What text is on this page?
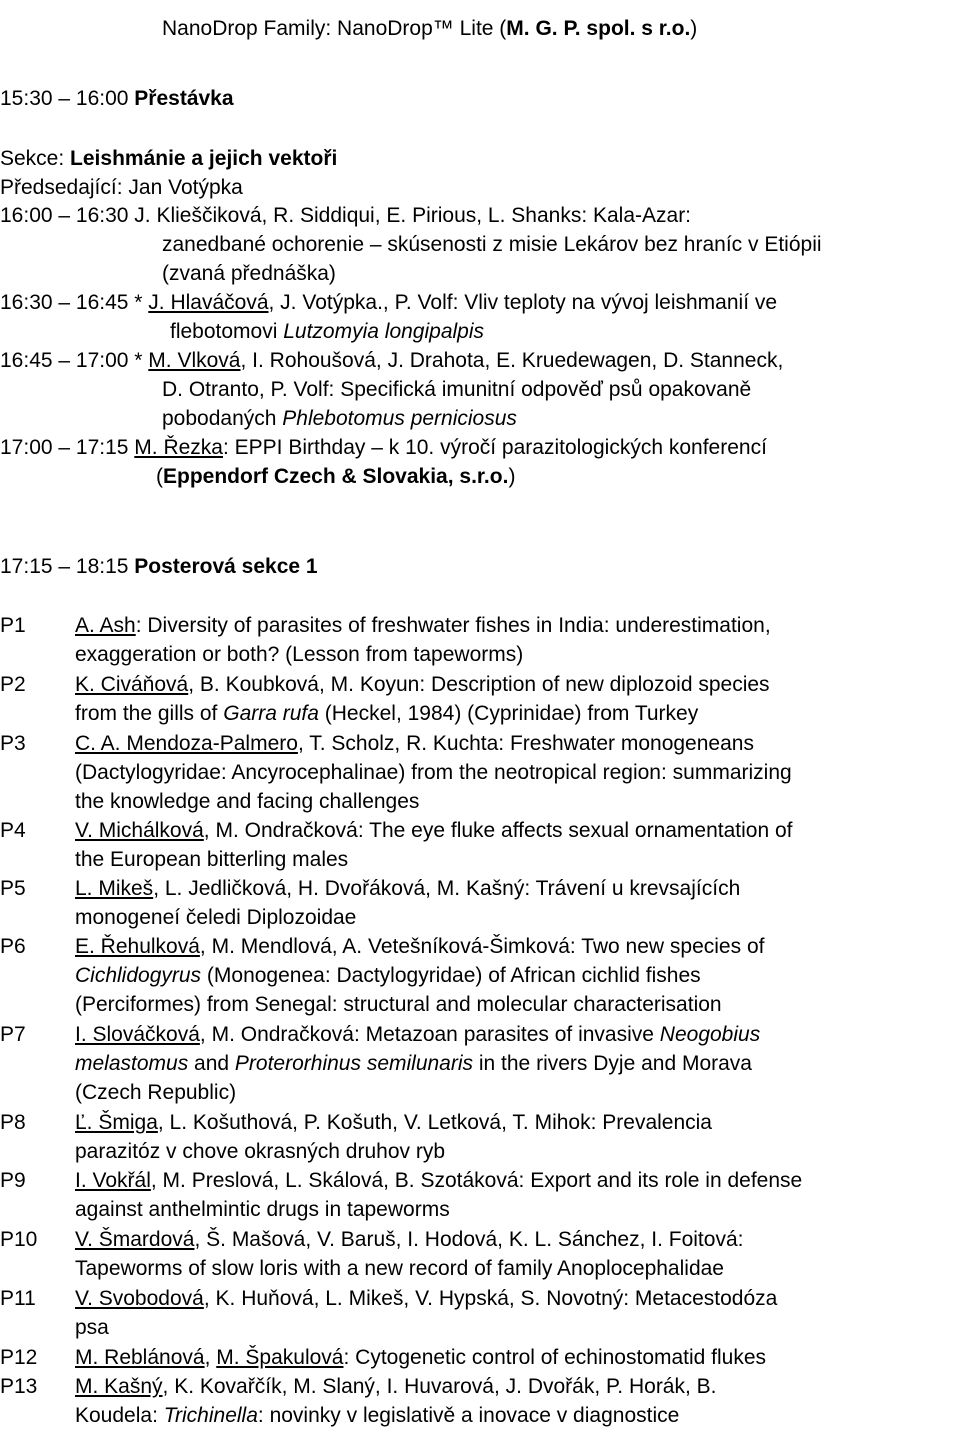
NanoDrop Family: NanoDrop™ Lite (M. G. P. spol. s r.o.)
15:30 – 16:00 Přestávka
Sekce: Leishmánie a jejich vektoři
Předsedající: Jan Votýpka
16:00 – 16:30 J. Klieščiková, R. Siddiqui, E. Pirious, L. Shanks: Kala-Azar:
zanedbané ochorenie – skúsenosti z misie Lekárov bez hraníc v Etiópii
(zvaná přednáška)
16:30 – 16:45 * J. Hlaváčová, J. Votýpka., P. Volf: Vliv teploty na vývoj leishmanií ve
flebotomovi Lutzomyia longipalpis
16:45 – 17:00 * M. Vlková, I. Rohoušová, J. Drahota, E. Kruedewagen, D. Stanneck,
D. Otranto, P. Volf: Specifická imunitní odpověď psů opakovaně
pobodaných Phlebotomus perniciosus
17:00 – 17:15 M. Řezka: EPPI Birthday – k 10. výročí parazitologických konferencí
(Eppendorf Czech & Slovakia, s.r.o.)
17:15 – 18:15 Posterová sekce 1
P1 A. Ash: Diversity of parasites of freshwater fishes in India: underestimation,
exaggeration or both? (Lesson from tapeworms)
P2 K. Civáňová, B. Koubková, M. Koyun: Description of new diplozoid species
from the gills of Garra rufa (Heckel, 1984) (Cyprinidae) from Turkey
P3 C. A. Mendoza-Palmero, T. Scholz, R. Kuchta: Freshwater monogeneans
(Dactylogyridae: Ancyrocephalinae) from the neotropical region: summarizing
the knowledge and facing challenges
P4 V. Michálková, M. Ondračková: The eye fluke affects sexual ornamentation of
the European bitterling males
P5 L. Mikeš, L. Jedličková, H. Dvořáková, M. Kašný: Trávení u krevsajících
monogeneí čeledi Diplozoidae
P6 E. Řehulková, M. Mendlová, A. Vetešníková-Šimková: Two new species of
Cichlidogyrus (Monogenea: Dactylogyridae) of African cichlid fishes
(Perciformes) from Senegal: structural and molecular characterisation
P7 I. Slováčková, M. Ondračková: Metazoan parasites of invasive Neogobius
melastomus and Proterorhinus semilunaris in the rivers Dyje and Morava
(Czech Republic)
P8 Ľ. Šmiga, L. Košuthová, P. Košuth, V. Letková, T. Mihok: Prevalencia
parazitóz v chove okrasných druhov ryb
P9 I. Vokřál, M. Preslová, L. Skálová, B. Szotáková: Export and its role in defense
against anthelmintic drugs in tapeworms
P10 V. Šmardová, Š. Mašová, V. Baruš, I. Hodová, K. L. Sánchez, I. Foitová:
Tapeworms of slow loris with a new record of family Anoplocephalidae
P11 V. Svobodová, K. Huňová, L. Mikeš, V. Hypská, S. Novotný: Metacestodóza
psa
P12 M. Reblánová, M. Špakulová: Cytogenetic control of echinostomatid flukes
P13 M. Kašný, K. Kovařčík, M. Slaný, I. Huvarová, J. Dvořák, P. Horák, B.
Koudela: Trichinella: novinky v legislativě a inovace v diagnostice
